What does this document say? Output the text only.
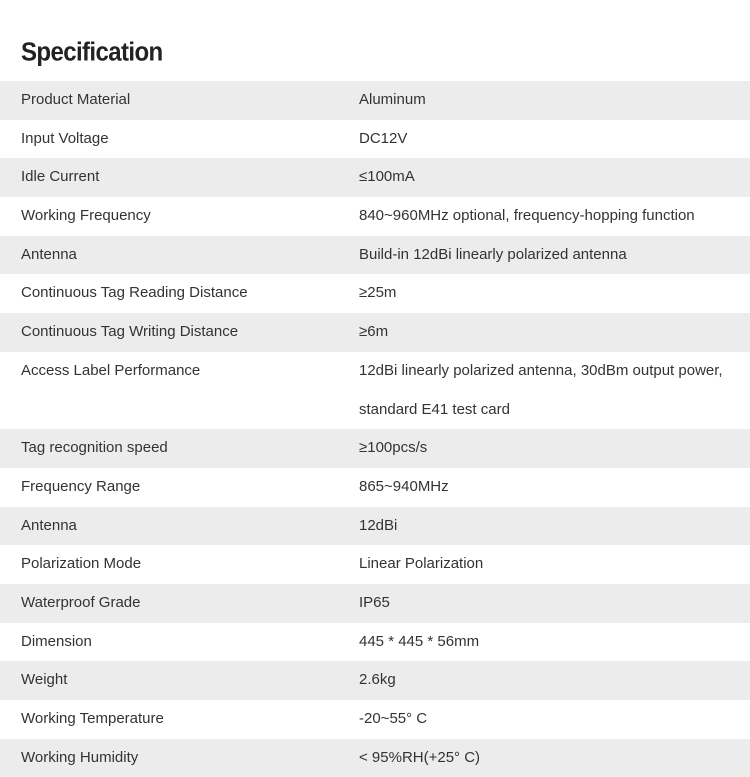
Specification
Product Material	Aluminum
Input Voltage	DC12V
Idle Current	≤100mA
Working Frequency	840~960MHz optional, frequency-hopping function
Antenna	Build-in 12dBi linearly polarized antenna
Continuous Tag Reading Distance	≥25m
Continuous Tag Writing Distance	≥6m
Access Label Performance	12dBi linearly polarized antenna, 30dBm output power, standard E41 test card
Tag recognition speed	≥100pcs/s
Frequency Range	865~940MHz
Antenna	12dBi
Polarization Mode	Linear Polarization
Waterproof Grade	IP65
Dimension	445 * 445 * 56mm
Weight	2.6kg
Working Temperature	-20~55° C
Working Humidity	< 95%RH(+25° C)
